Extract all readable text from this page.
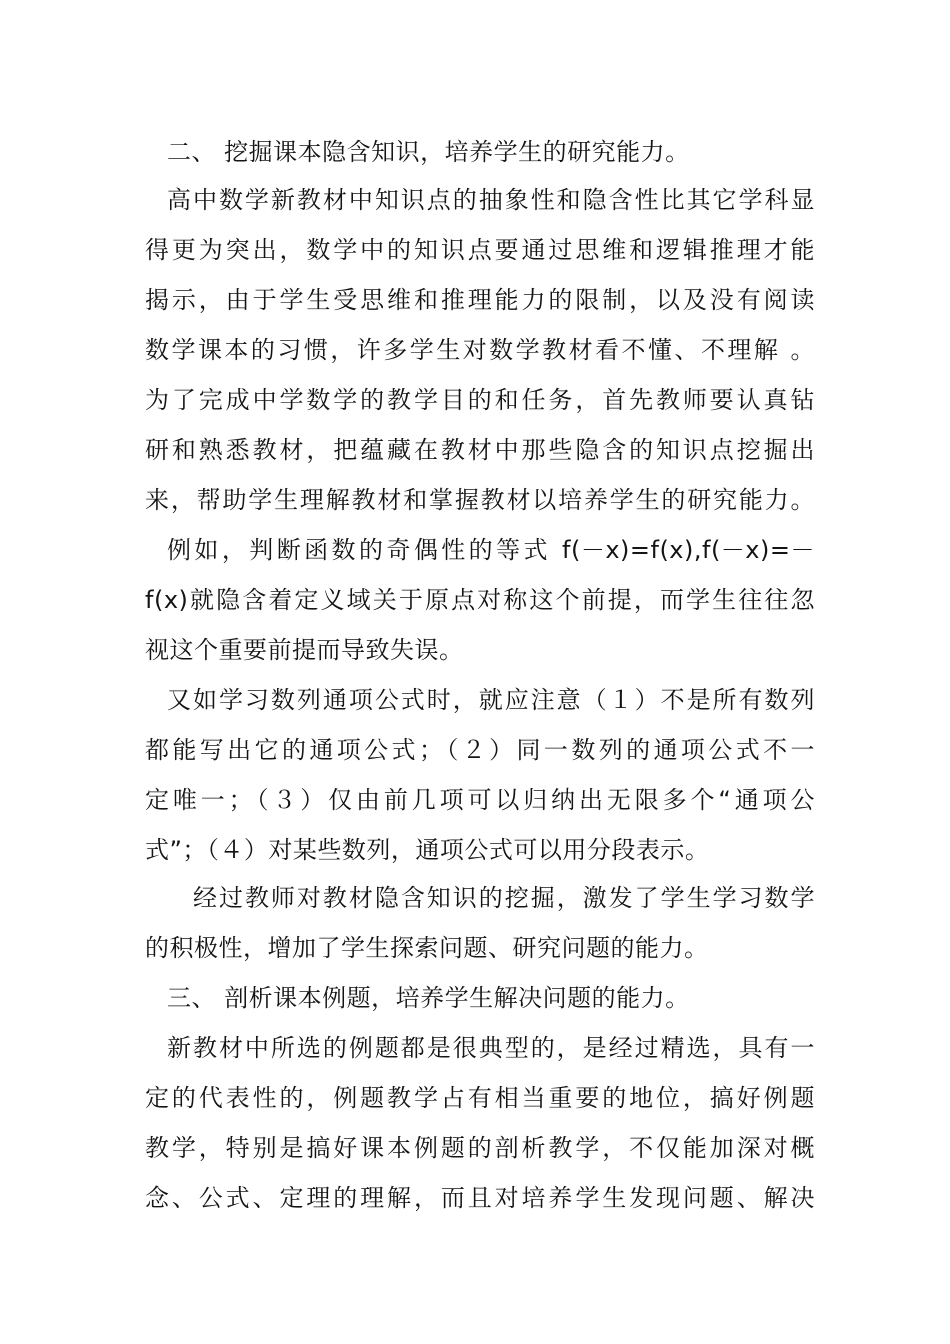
二、 挖掘课本隐含知识，培养学生的研究能力。
高中数学新教材中知识点的抽象性和隐含性比其它学科显
得更为突出，数学中的知识点要通过思维和逻辑推理才能
揭示，由于学生受思维和推理能力的限制，以及没有阅读
数学课本的习惯，许多学生对数学教材看不懂、不理解 。
为了完成中学数学的教学目的和任务，首先教师要认真钻
研和熟悉教材，把蕴藏在教材中那些隐含的知识点挖掘出
来，帮助学生理解教材和掌握教材以培养学生的研究能力。
例如，判断函数的奇偶性的等式 f(－x)=f(x),f(－x)=－
f(x)就隐含着定义域关于原点对称这个前提，而学生往往忽
视这个重要前提而导致失误。
又如学习数列通项公式时，就应注意（１）不是所有数列
都能写出它的通项公式；（２）同一数列的通项公式不一
定唯一；（３）仅由前几项可以归纳出无限多个“通项公
式”；（４）对某些数列，通项公式可以用分段表示。
经过教师对教材隐含知识的挖掘，激发了学生学习数学
的积极性，增加了学生探索问题、研究问题的能力。
三、 剖析课本例题，培养学生解决问题的能力。
新教材中所选的例题都是很典型的，是经过精选，具有一
定的代表性的，例题教学占有相当重要的地位，搞好例题
教学，特别是搞好课本例题的剖析教学，不仅能加深对概
念、公式、定理的理解，而且对培养学生发现问题、解决
